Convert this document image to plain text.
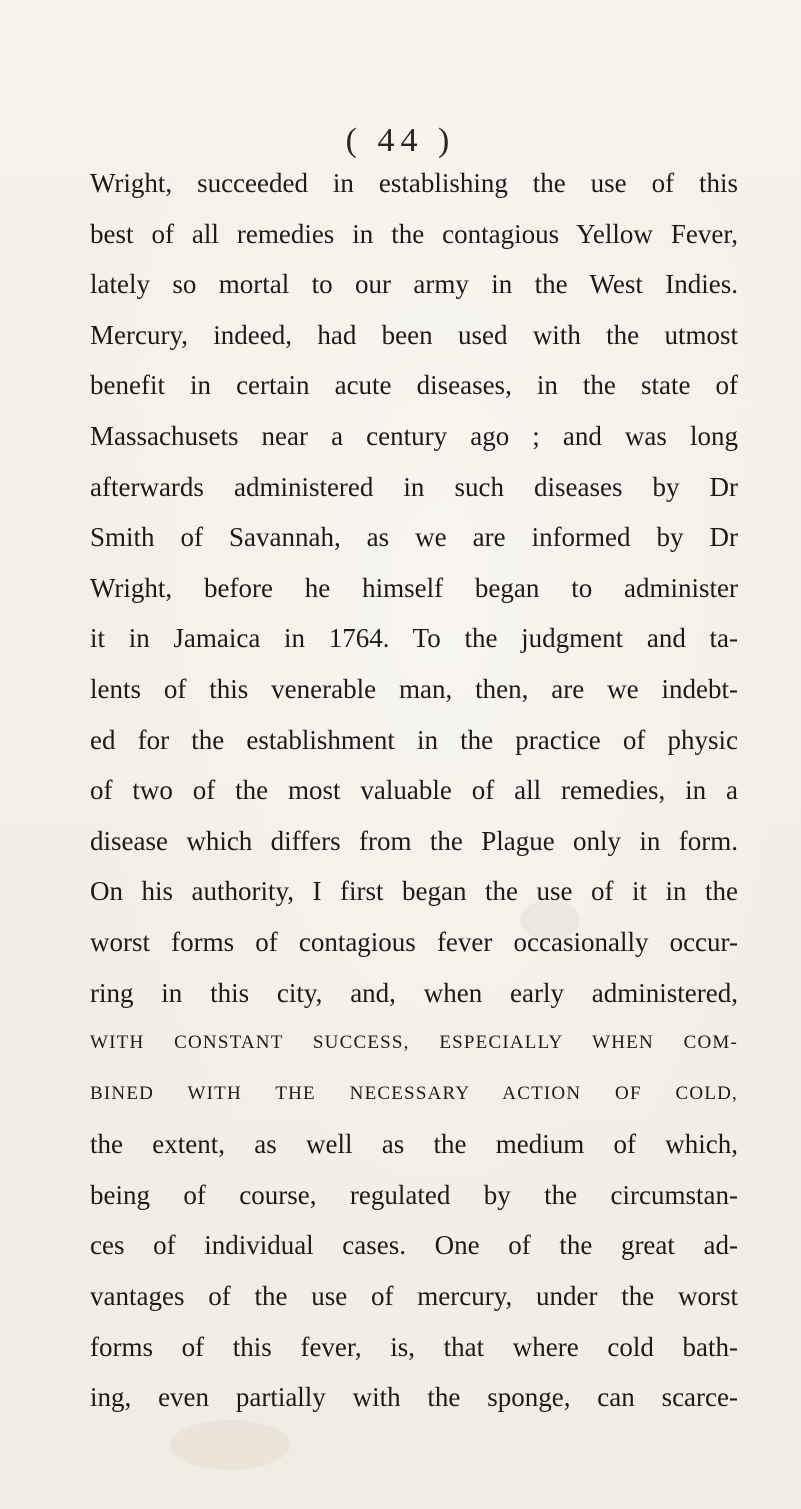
( 44 )
Wright, succeeded in establishing the use of this
best of all remedies in the contagious Yellow Fever,
lately so mortal to our army in the West Indies.
Mercury, indeed, had been used with the utmost
benefit in certain acute diseases, in the state of
Massachusets near a century ago ; and was long
afterwards administered in such diseases by Dr
Smith of Savannah, as we are informed by Dr
Wright, before he himself began to administer
it in Jamaica in 1764. To the judgment and ta-
lents of this venerable man, then, are we indebt-
ed for the establishment in the practice of physic
of two of the most valuable of all remedies, in a
disease which differs from the Plague only in form.
On his authority, I first began the use of it in the
worst forms of contagious fever occasionally occur-
ring in this city, and, when early administered,
WITH CONSTANT SUCCESS, ESPECIALLY WHEN COM-
BINED WITH THE NECESSARY ACTION OF COLD,
the extent, as well as the medium of which,
being of course, regulated by the circumstan-
ces of individual cases. One of the great ad-
vantages of the use of mercury, under the worst
forms of this fever, is, that where cold bath-
ing, even partially with the sponge, can scarce-
